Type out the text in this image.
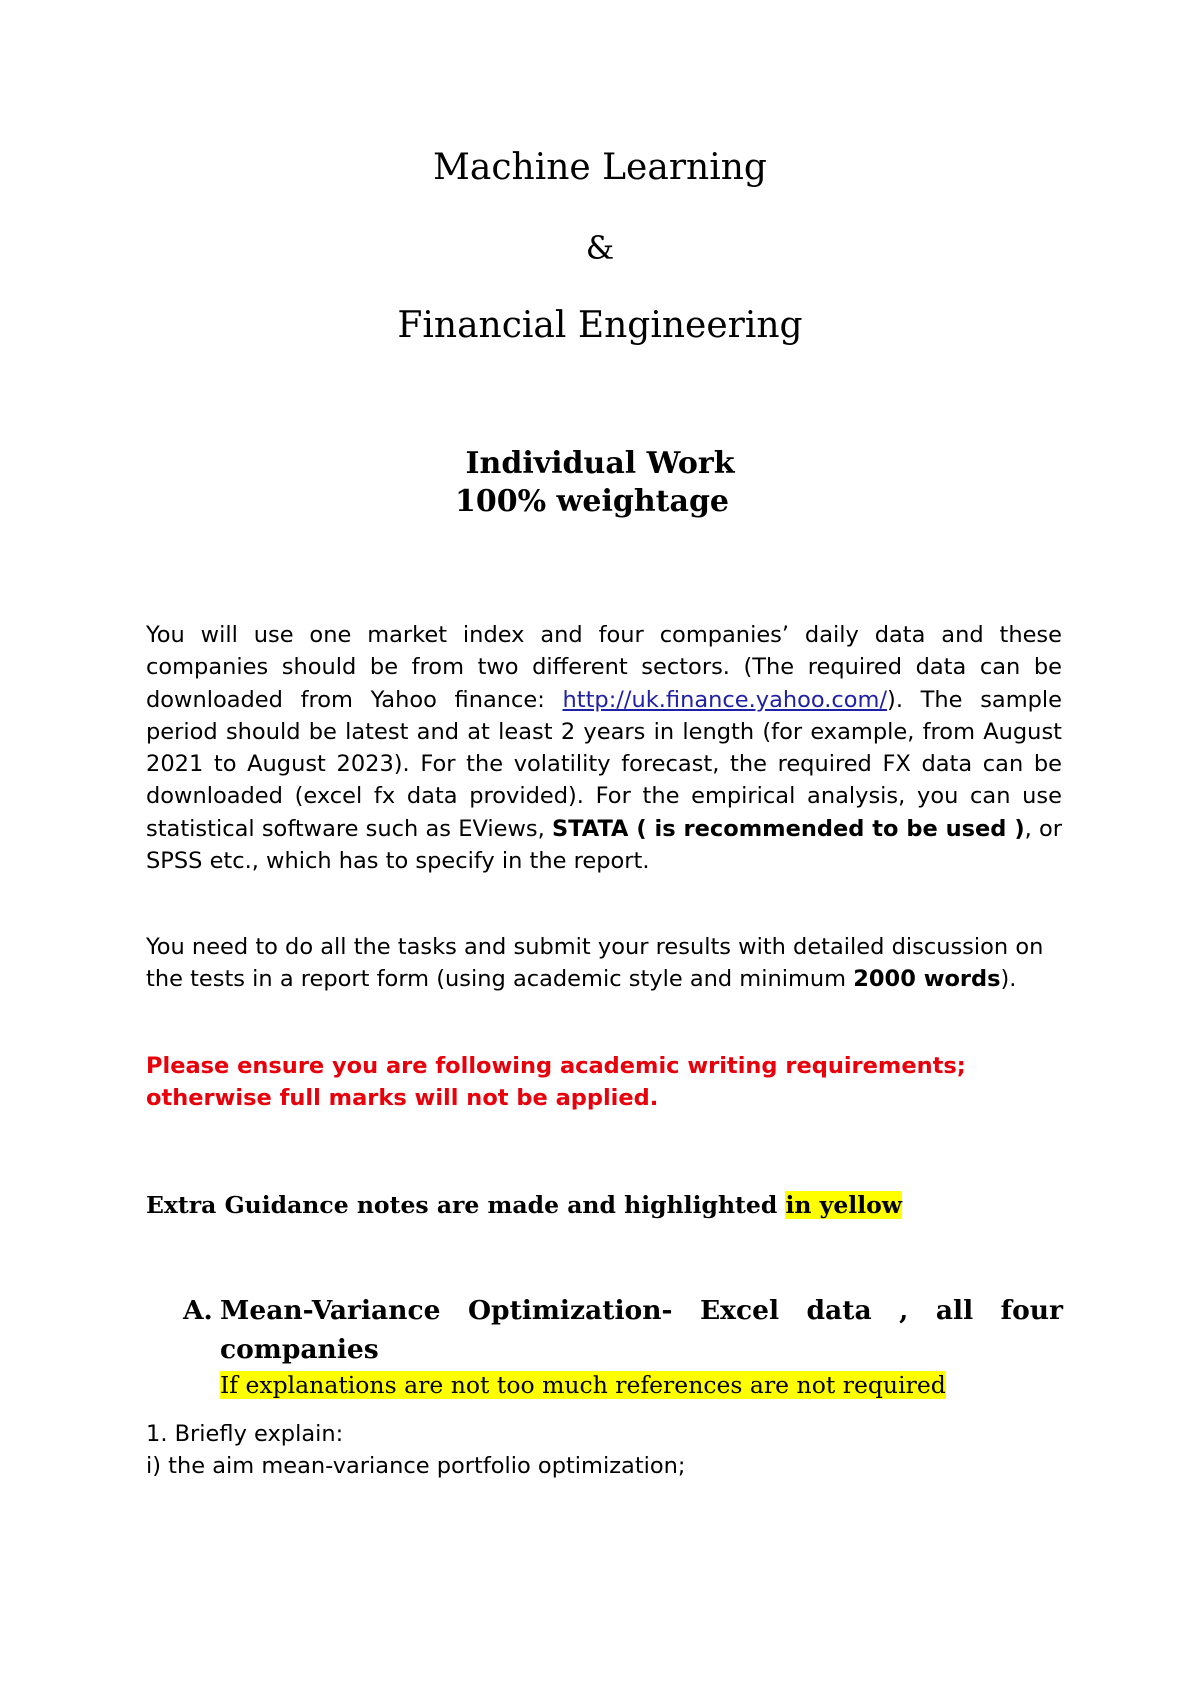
Machine Learning
&
Financial Engineering
Individual Work
100% weightage
You will use one market index and four companies’ daily data and these companies should be from two different sectors. (The required data can be downloaded from Yahoo finance: http://uk.finance.yahoo.com/). The sample period should be latest and at least 2 years in length (for example, from August 2021 to August 2023). For the volatility forecast, the required FX data can be downloaded (excel fx data provided). For the empirical analysis, you can use statistical software such as EViews, STATA ( is recommended to be used ), or SPSS etc., which has to specify in the report.
You need to do all the tasks and submit your results with detailed discussion on the tests in a report form (using academic style and minimum 2000 words).
Please ensure you are following academic writing requirements; otherwise full marks will not be applied.
Extra Guidance notes are made and highlighted in yellow
A. Mean-Variance Optimization- Excel data , all four companies
If explanations are not too much references are not required
1. Briefly explain:
i) the aim mean-variance portfolio optimization;
